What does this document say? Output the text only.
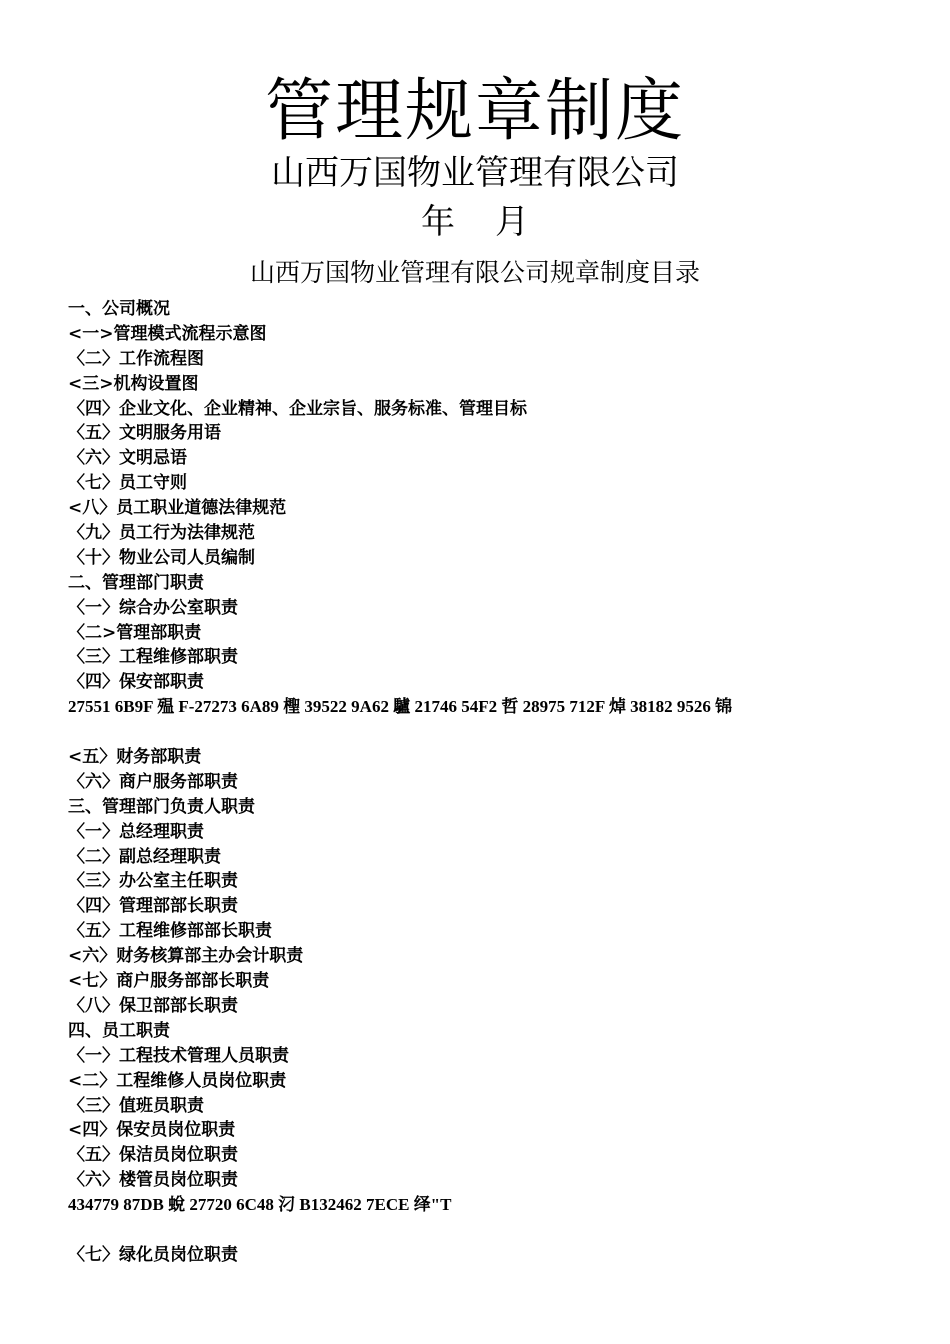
管理规章制度
山西万国物业管理有限公司
年 月
山西万国物业管理有限公司规章制度目录
一、公司概况
<一>管理模式流程示意图
〈二〉工作流程图
<三>机构设置图
〈四〉企业文化、企业精神、企业宗旨、服务标准、管理目标
〈五〉文明服务用语
〈六〉文明忌语
〈七〉员工守则
<八〉员工职业道德法律规范
〈九〉员工行为法律规范
〈十〉物业公司人员编制
二、管理部门职责
〈一〉综合办公室职责
〈二>管理部职责
〈三〉工程维修部职责
〈四〉保安部职责
27551 6B9F 殟 F-27273 6A89 檉 39522 9A62 驢 21746 54F2 哲 28975 712F 焯 38182 9526 锦
<五〉财务部职责
〈六〉商户服务部职责
三、管理部门负责人职责
〈一〉总经理职责
〈二〉副总经理职责
〈三〉办公室主任职责
〈四〉管理部部长职责
〈五〉工程维修部部长职责
<六〉财务核算部主办会计职责
<七〉商户服务部部长职责
〈八〉保卫部部长职责
四、员工职责
〈一〉工程技术管理人员职责
<二〉工程维修人员岗位职责
〈三〉值班员职责
<四〉保安员岗位职责
〈五〉保洁员岗位职责
〈六〉楼管员岗位职责
434779 87DB 蛻 27720 6C48 汈 B132462 7ECE 绎"T
〈七〉绿化员岗位职责
